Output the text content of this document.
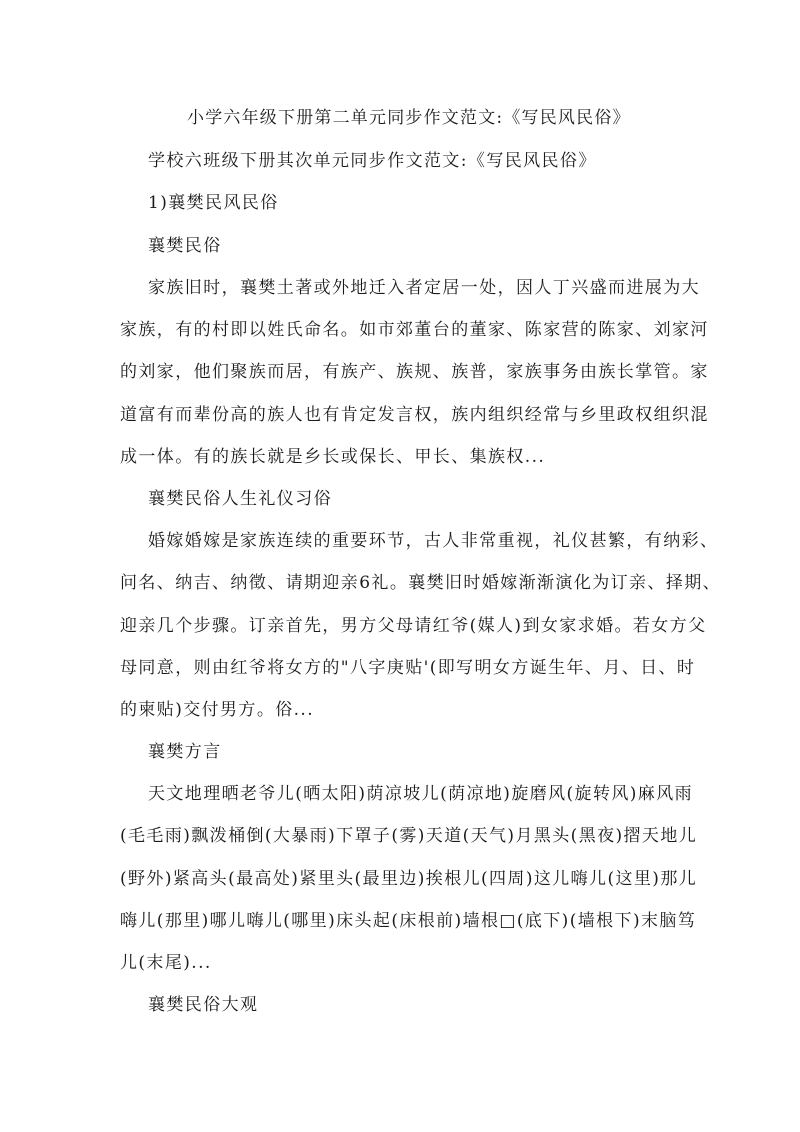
小学六年级下册第二单元同步作文范文:《写民风民俗》
学校六班级下册其次单元同步作文范文:《写民风民俗》
1)襄樊民风民俗
襄樊民俗
家族旧时，襄樊土著或外地迁入者定居一处，因人丁兴盛而进展为大
家族，有的村即以姓氏命名。如市郊董台的董家、陈家营的陈家、刘家河
的刘家，他们聚族而居，有族产、族规、族普，家族事务由族长掌管。家
道富有而辈份高的族人也有肯定发言权，族内组织经常与乡里政权组织混
成一体。有的族长就是乡长或保长、甲长、集族权...
襄樊民俗人生礼仪习俗
婚嫁婚嫁是家族连续的重要环节，古人非常重视，礼仪甚繁，有纳彩、
问名、纳吉、纳徵、请期迎亲6礼。襄樊旧时婚嫁渐渐演化为订亲、择期、
迎亲几个步骤。订亲首先，男方父母请红爷(媒人)到女家求婚。若女方父
母同意，则由红爷将女方的"八字庚贴'(即写明女方诞生年、月、日、时
的柬贴)交付男方。俗...
襄樊方言
天文地理晒老爷儿(晒太阳)荫凉坡儿(荫凉地)旋磨风(旋转风)麻风雨
(毛毛雨)飘泼桶倒(大暴雨)下罩子(雾)天道(天气)月黑头(黑夜)摺天地儿
(野外)紧高头(最高处)紧里头(最里边)挨根儿(四周)这儿嗨儿(这里)那儿
嗨儿(那里)哪儿嗨儿(哪里)床头起(床根前)墙根□(底下)(墙根下)末脑笃
儿(末尾)...
襄樊民俗大观
